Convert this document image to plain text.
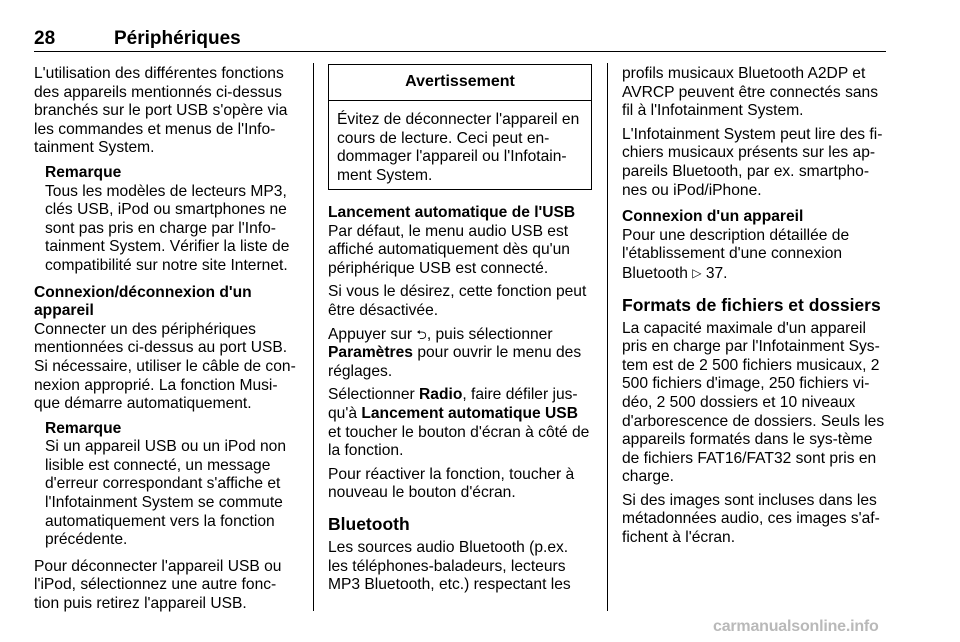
28	Périphériques

L'utilisation des différentes fonctions des appareils mentionnés ci-dessus branchés sur le port USB s'opère via les commandes et menus de l'Info-tainment System.

Remarque

Tous les modèles de lecteurs MP3, clés USB, iPod ou smartphones ne sont pas pris en charge par l'Info-tainment System. Vérifier la liste de compatibilité sur notre site Internet.

Connexion/déconnexion d'un appareil

Connecter un des périphériques mentionnées ci-dessus au port USB. Si nécessaire, utiliser le câble de con-nexion approprié. La fonction Musi-que démarre automatiquement.

Remarque

Si un appareil USB ou un iPod non lisible est connecté, un message d'erreur correspondant s'affiche et l'Infotainment System se commute automatiquement vers la fonction précédente.

Pour déconnecter l'appareil USB ou l'iPod, sélectionnez une autre fonc-tion puis retirez l'appareil USB.

Avertissement
Évitez de déconnecter l'appareil en cours de lecture. Ceci peut en-dommager l'appareil ou l'Infotain-ment System.

Lancement automatique de l'USB

Par défaut, le menu audio USB est affiché automatiquement dès qu'un périphérique USB est connecté.

Si vous le désirez, cette fonction peut être désactivée.

Appuyer sur ⮌, puis sélectionner Paramètres pour ouvrir le menu des réglages.

Sélectionner Radio, faire défiler jus-qu'à Lancement automatique USB et toucher le bouton d'écran à côté de la fonction.

Pour réactiver la fonction, toucher à nouveau le bouton d'écran.

Bluetooth

Les sources audio Bluetooth (p.ex. les téléphones-baladeurs, lecteurs MP3 Bluetooth, etc.) respectant les

profils musicaux Bluetooth A2DP et AVRCP peuvent être connectés sans fil à l'Infotainment System.

L'Infotainment System peut lire des fi-chiers musicaux présents sur les ap-pareils Bluetooth, par ex. smartpho-nes ou iPod/iPhone.

Connexion d'un appareil

Pour une description détaillée de l'établissement d'une connexion Bluetooth ▷ 37.

Formats de fichiers et dossiers

La capacité maximale d'un appareil pris en charge par l'Infotainment Sys-tem est de 2 500 fichiers musicaux, 2 500 fichiers d'image, 250 fichiers vi-déo, 2 500 dossiers et 10 niveaux d'arborescence de dossiers. Seuls les appareils formatés dans le sys-tème de fichiers FAT16/FAT32 sont pris en charge.

Si des images sont incluses dans les métadonnées audio, ces images s'af-fichent à l'écran.

carmanualsonline.info
